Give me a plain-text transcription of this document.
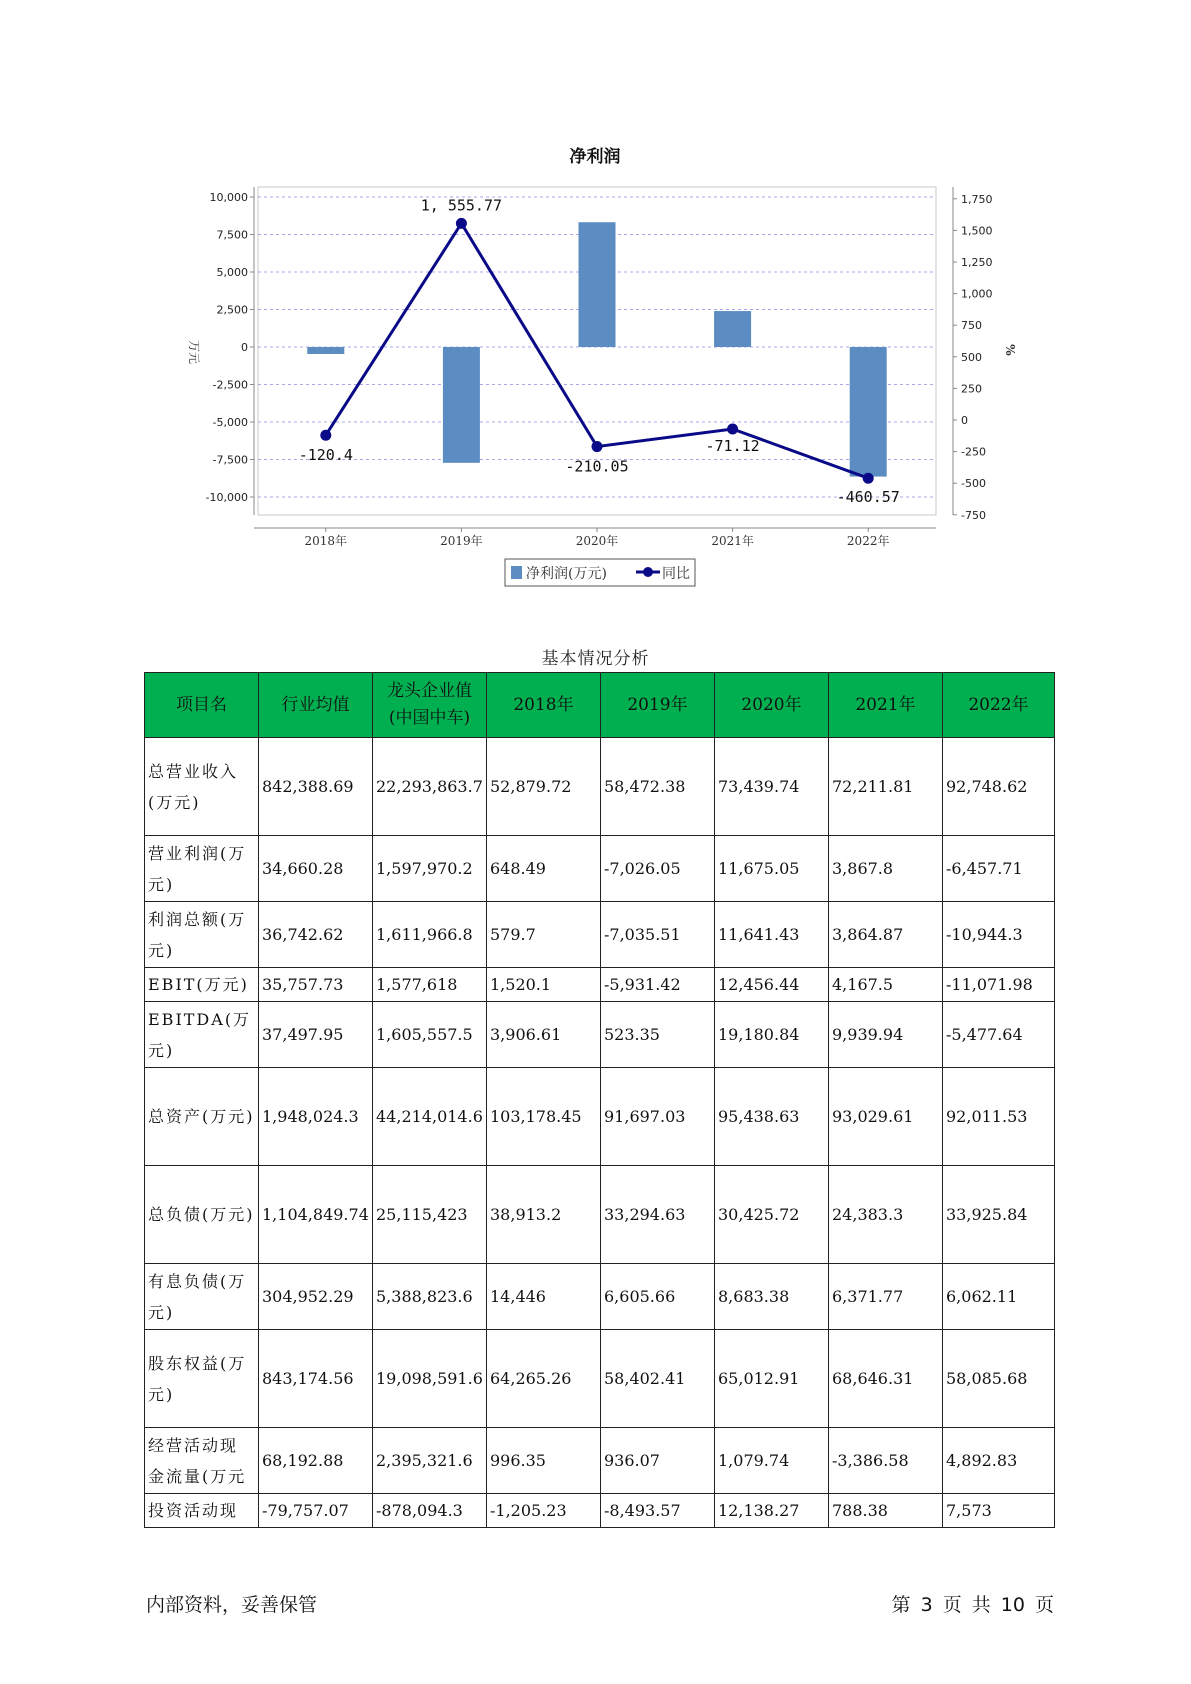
净利润
10,000
7,500
5,000
2,500
0
-2,500
-5,000
-7,500
-10,000
1,750
1,500
1,250
1,000
750
500
250
0
-250
-500
-750
2018年	2019年	2020年	2021年	2022年
万元	%
-120.4
1, 555.77
-210.05
-71.12
-460.57
净利润(万元)	同比
基本情况分析
项目名	行业均值	龙头企业值(中国中车)	2018年	2019年	2020年	2021年	2022年
总营业收入(万元)	842,388.69	22,293,863.7	52,879.72	58,472.38	73,439.74	72,211.81	92,748.62
营业利润(万元)	34,660.28	1,597,970.2	648.49	-7,026.05	11,675.05	3,867.8	-6,457.71
利润总额(万元)	36,742.62	1,611,966.8	579.7	-7,035.51	11,641.43	3,864.87	-10,944.3
EBIT(万元)	35,757.73	1,577,618	1,520.1	-5,931.42	12,456.44	4,167.5	-11,071.98
EBITDA(万元)	37,497.95	1,605,557.5	3,906.61	523.35	19,180.84	9,939.94	-5,477.64
总资产(万元)	1,948,024.3	44,214,014.6	103,178.45	91,697.03	95,438.63	93,029.61	92,011.53
总负债(万元)	1,104,849.74	25,115,423	38,913.2	33,294.63	30,425.72	24,383.3	33,925.84
有息负债(万元)	304,952.29	5,388,823.6	14,446	6,605.66	8,683.38	6,371.77	6,062.11
股东权益(万元)	843,174.56	19,098,591.6	64,265.26	58,402.41	65,012.91	68,646.31	58,085.68
经营活动现金流量(万元	68,192.88	2,395,321.6	996.35	936.07	1,079.74	-3,386.58	4,892.83
投资活动现	-79,757.07	-878,094.3	-1,205.23	-8,493.57	12,138.27	788.38	7,573
内部资料，妥善保管	第 3 页 共 10 页
